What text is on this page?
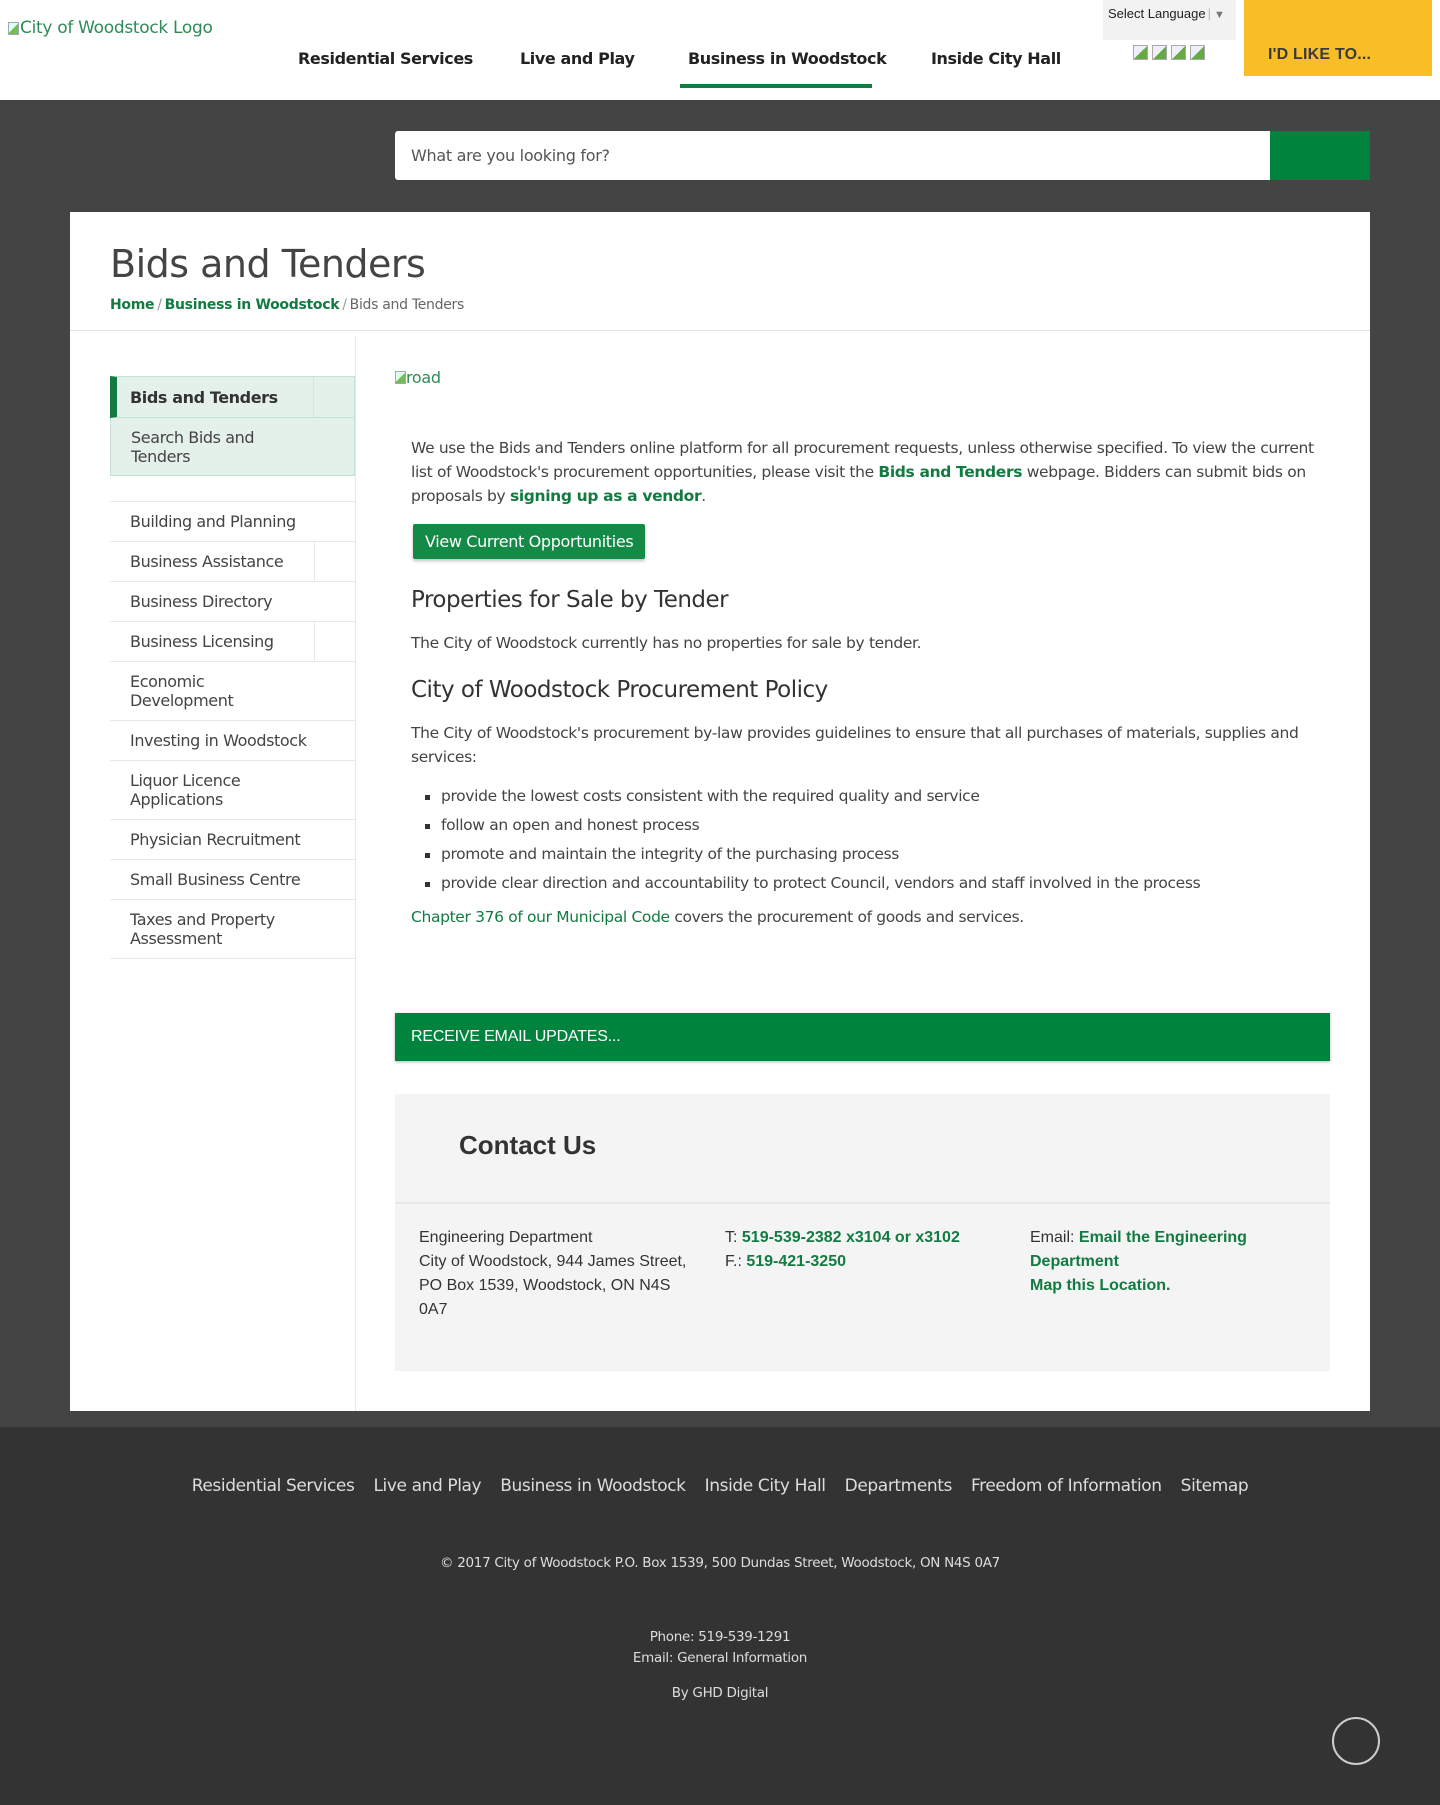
City of Woodstock Logo
Residential Services	Live and Play	Business in Woodstock	Inside City Hall
Select Language | ▼
I'D LIKE TO...
What are you looking for?
Bids and Tenders
Home / Business in Woodstock / Bids and Tenders
Bids and Tenders
Search Bids and Tenders
Building and Planning
Business Assistance
Business Directory
Business Licensing
Economic Development
Investing in Woodstock
Liquor Licence Applications
Physician Recruitment
Small Business Centre
Taxes and Property Assessment
road

We use the Bids and Tenders online platform for all procurement requests, unless otherwise specified. To view the current list of Woodstock's procurement opportunities, please visit the Bids and Tenders webpage. Bidders can submit bids on proposals by signing up as a vendor.

View Current Opportunities
Properties for Sale by Tender

The City of Woodstock currently has no properties for sale by tender.

City of Woodstock Procurement Policy

The City of Woodstock's procurement by-law provides guidelines to ensure that all purchases of materials, supplies and services:

provide the lowest costs consistent with the required quality and service
follow an open and honest process
promote and maintain the integrity of the purchasing process
provide clear direction and accountability to protect Council, vendors and staff involved in the process

Chapter 376 of our Municipal Code covers the procurement of goods and services.

RECEIVE EMAIL UPDATES...
Contact Us
Engineering Department
City of Woodstock, 944 James Street,
PO Box 1539, Woodstock, ON N4S
0A7
T: 519-539-2382 x3104 or x3102
F.: 519-421-3250
Email: Email the Engineering Department
Map this Location.
Residential Services Live and Play Business in Woodstock Inside City Hall Departments Freedom of Information Sitemap
© 2017 City of Woodstock P.O. Box 1539, 500 Dundas Street, Woodstock, ON N4S 0A7
Phone: 519-539-1291
Email: General Information
By GHD Digital
